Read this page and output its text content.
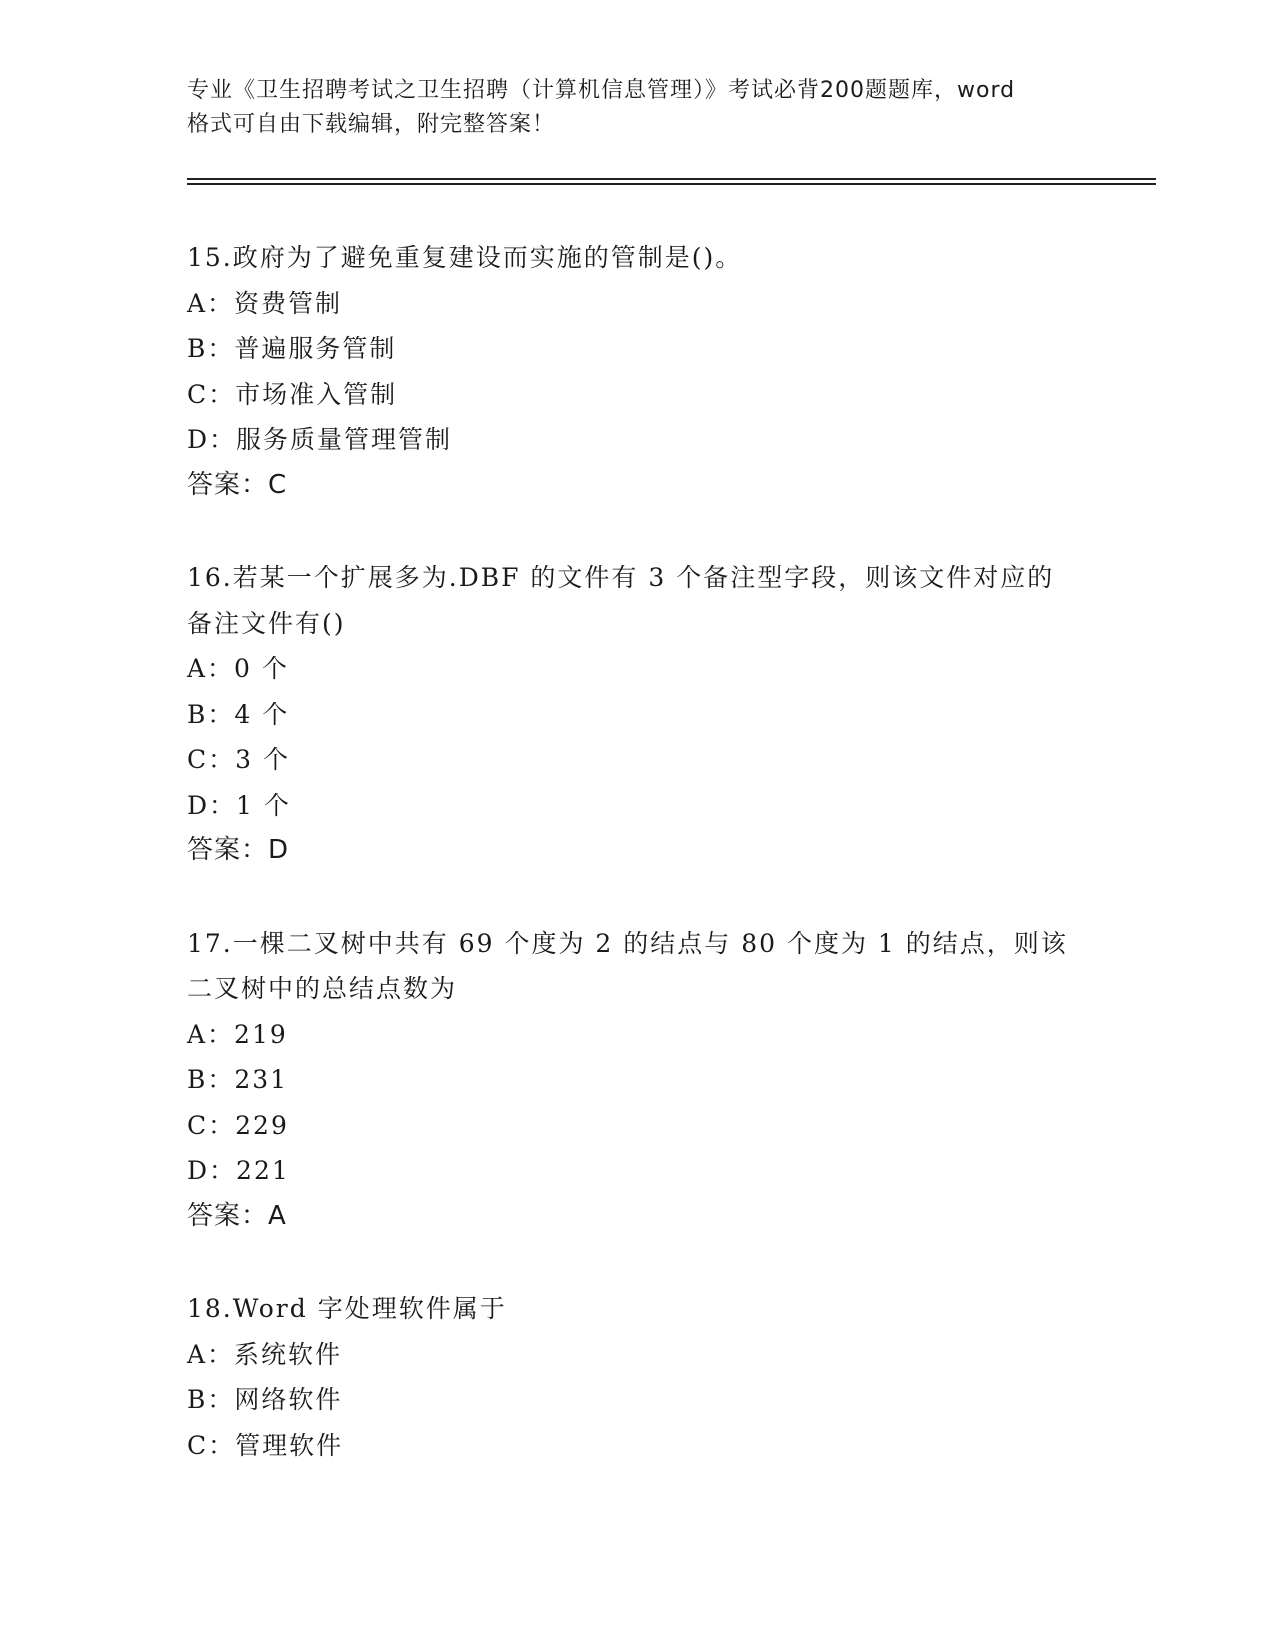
专业《卫生招聘考试之卫生招聘（计算机信息管理）》考试必背200题题库，word
格式可自由下载编辑，附完整答案！
15.政府为了避免重复建设而实施的管制是()。
A：资费管制
B：普遍服务管制
C：市场准入管制
D：服务质量管理管制
答案：C
16.若某一个扩展多为.DBF 的文件有 3 个备注型字段，则该文件对应的
备注文件有()
A：0 个
B：4 个
C：3 个
D：1 个
答案：D
17.一棵二叉树中共有 69 个度为 2 的结点与 80 个度为 1 的结点，则该
二叉树中的总结点数为
A：219
B：231
C：229
D：221
答案：A
18.Word 字处理软件属于
A：系统软件
B：网络软件
C：管理软件
